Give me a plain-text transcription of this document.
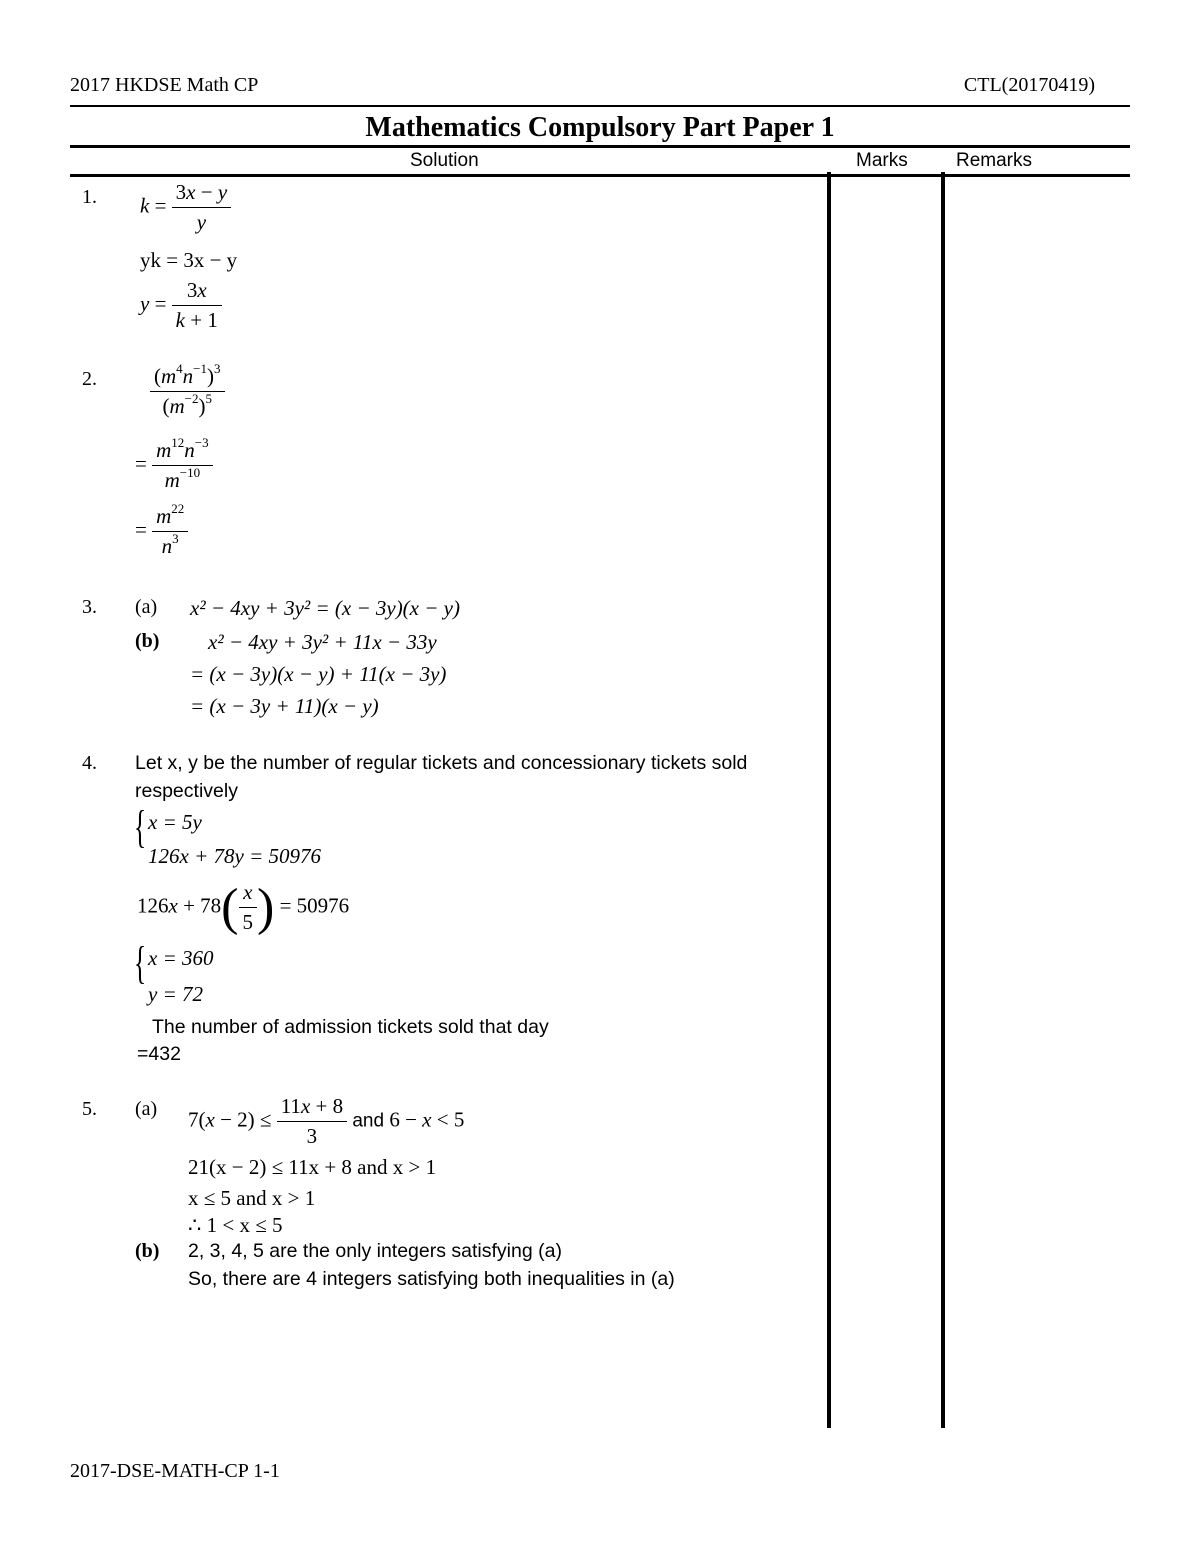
2017 HKDSE Math CP	CTL(20170419)
Mathematics Compulsory Part Paper 1
Solution	Marks	Remarks
1. $k = \frac{3x - y}{y}$
yk = 3x − y
$y = \frac{3x}{k + 1}$
2.	$\frac{(m^4n^{-1})^3}{(m^{-2})^5}$
= $\frac{m^{12}n^{-3}}{m^{-10}}$
= $\frac{m^{22}}{n^3}$
3. (a) x² − 4xy + 3y² = (x − 3y)(x − y)
(b) x² − 4xy + 3y² + 11x − 33y
= (x − 3y)(x − y) + 11(x − 3y)
= (x − 3y + 11)(x − y)
4. Let x, y be the number of regular tickets and concessionary tickets sold
respectively
{ x = 5y
126x + 78y = 50976
$126x + 78( \frac{x}{5}$ ) = 50976
{ x = 360
y = 72
The number of admission tickets sold that day
=432
5. (a) $7(x - 2) \le \frac{11x + 8}{3}$ and 6 − x < 5
21(x − 2) ≤ 11x + 8 and x > 1
x ≤ 5 and x > 1
∴ 1 < x ≤ 5
(b) 2, 3, 4, 5 are the only integers satisfying (a)
So, there are 4 integers satisfying both inequalities in (a)
2017-DSE-MATH-CP 1-1
